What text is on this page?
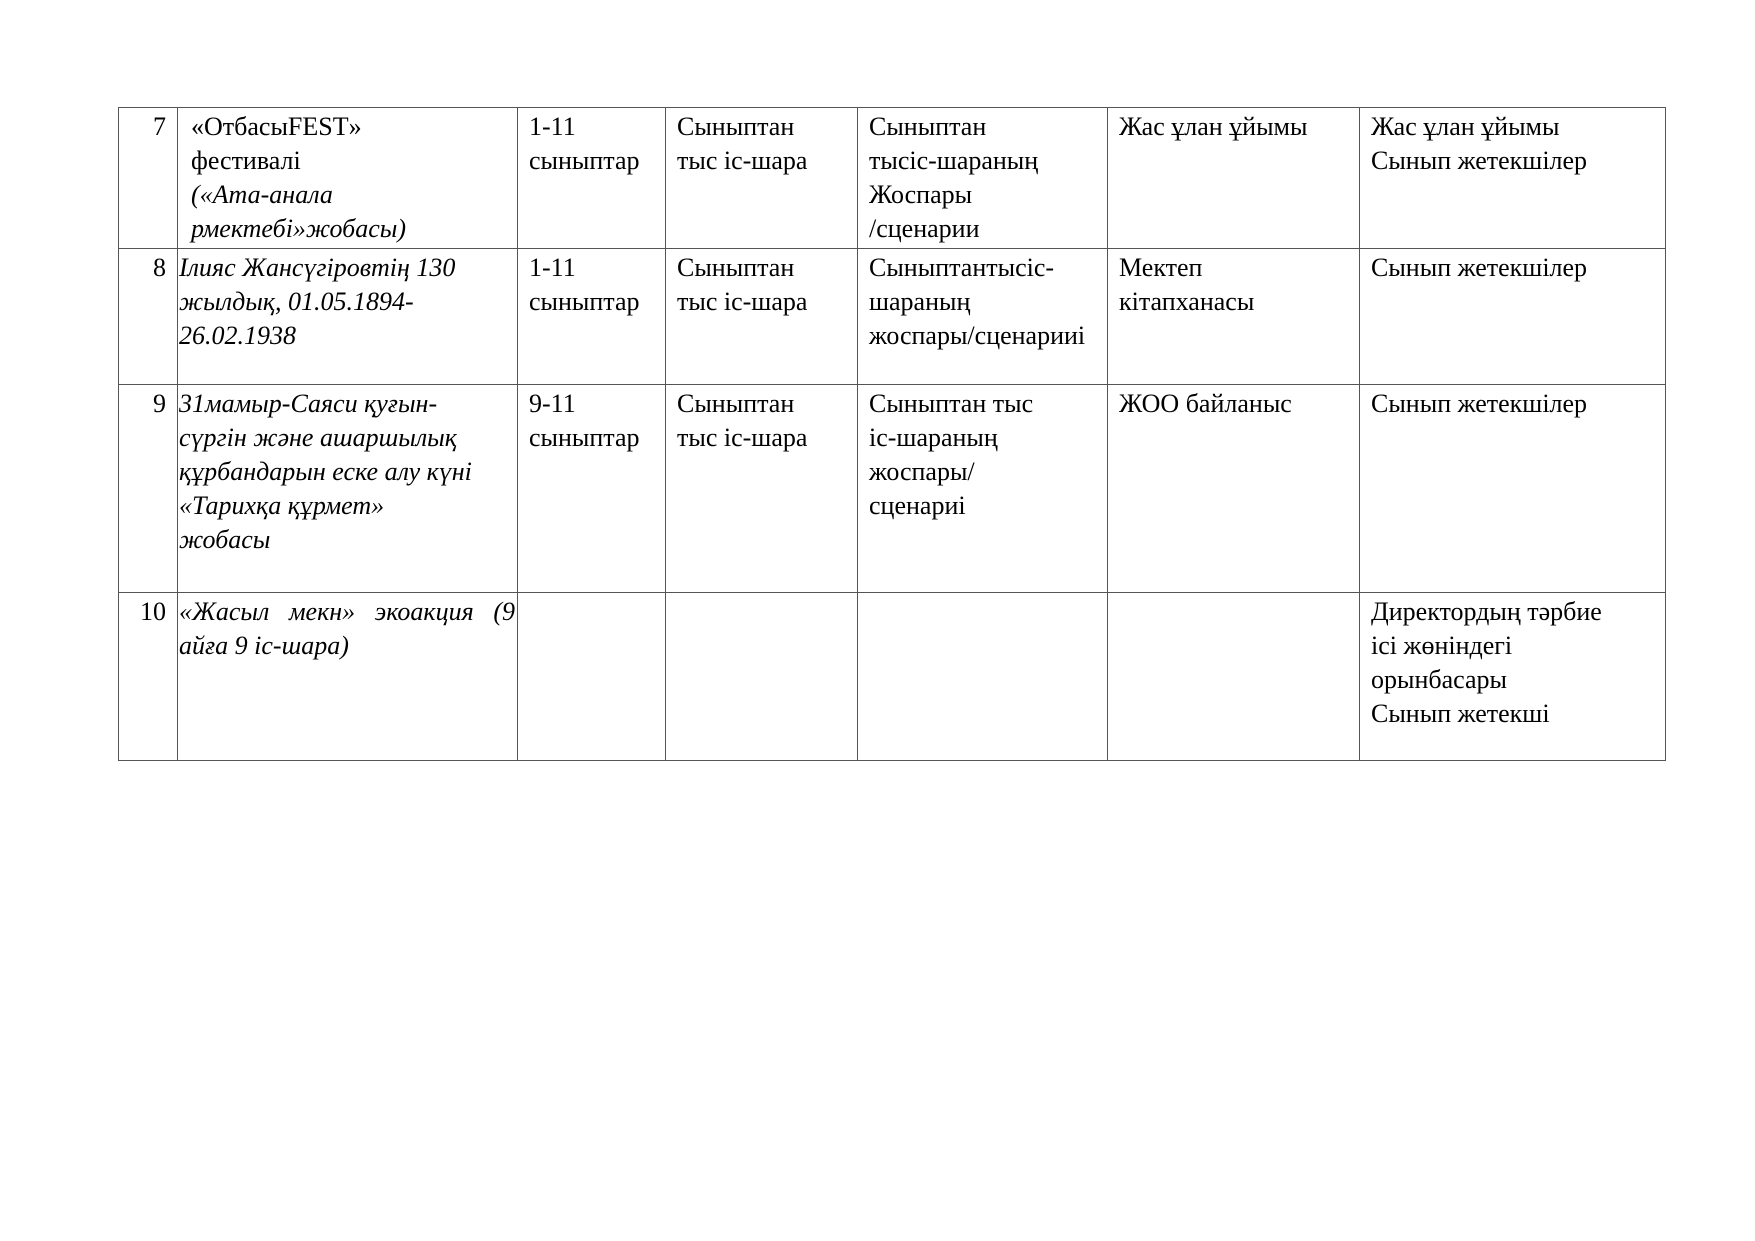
7	«ОтбасыFEST»
фестивалі
(«Ата-анала
рмектебі»жобасы)	1-11
сыныптар	Сыныптан
тыс іс-шара	Сыныптан
тысіс-шараның
Жоспары
/сценарии	Жас ұлан ұйымы	Жас ұлан ұйымы
Сынып жетекшілер
8	Ілияс Жансүгіровтің 130
жылдық, 01.05.1894-
26.02.1938	1-11
сыныптар	Сыныптан
тыс іс-шара	Сыныптантысіс-
шараның
жоспары/сценарииі	Мектеп
кітапханасы	Сынып жетекшілер
9	31мамыр-Саяси қуғын-
сүргін және ашаршылық
құрбандарын еске алу күні
«Тарихқа құрмет»
жобасы	9-11
сыныптар	Сыныптан
тыс іс-шара	Сыныптан тыс
іс-шараның
жоспары/
сценариі	ЖОО байланыс	Сынып жетекшілер
10	«Жасыл мекн» экоакция (9 айға 9 іс-шара)					Директордың тәрбие
ісі жөніндегі
орынбасары
Сынып жетекші
